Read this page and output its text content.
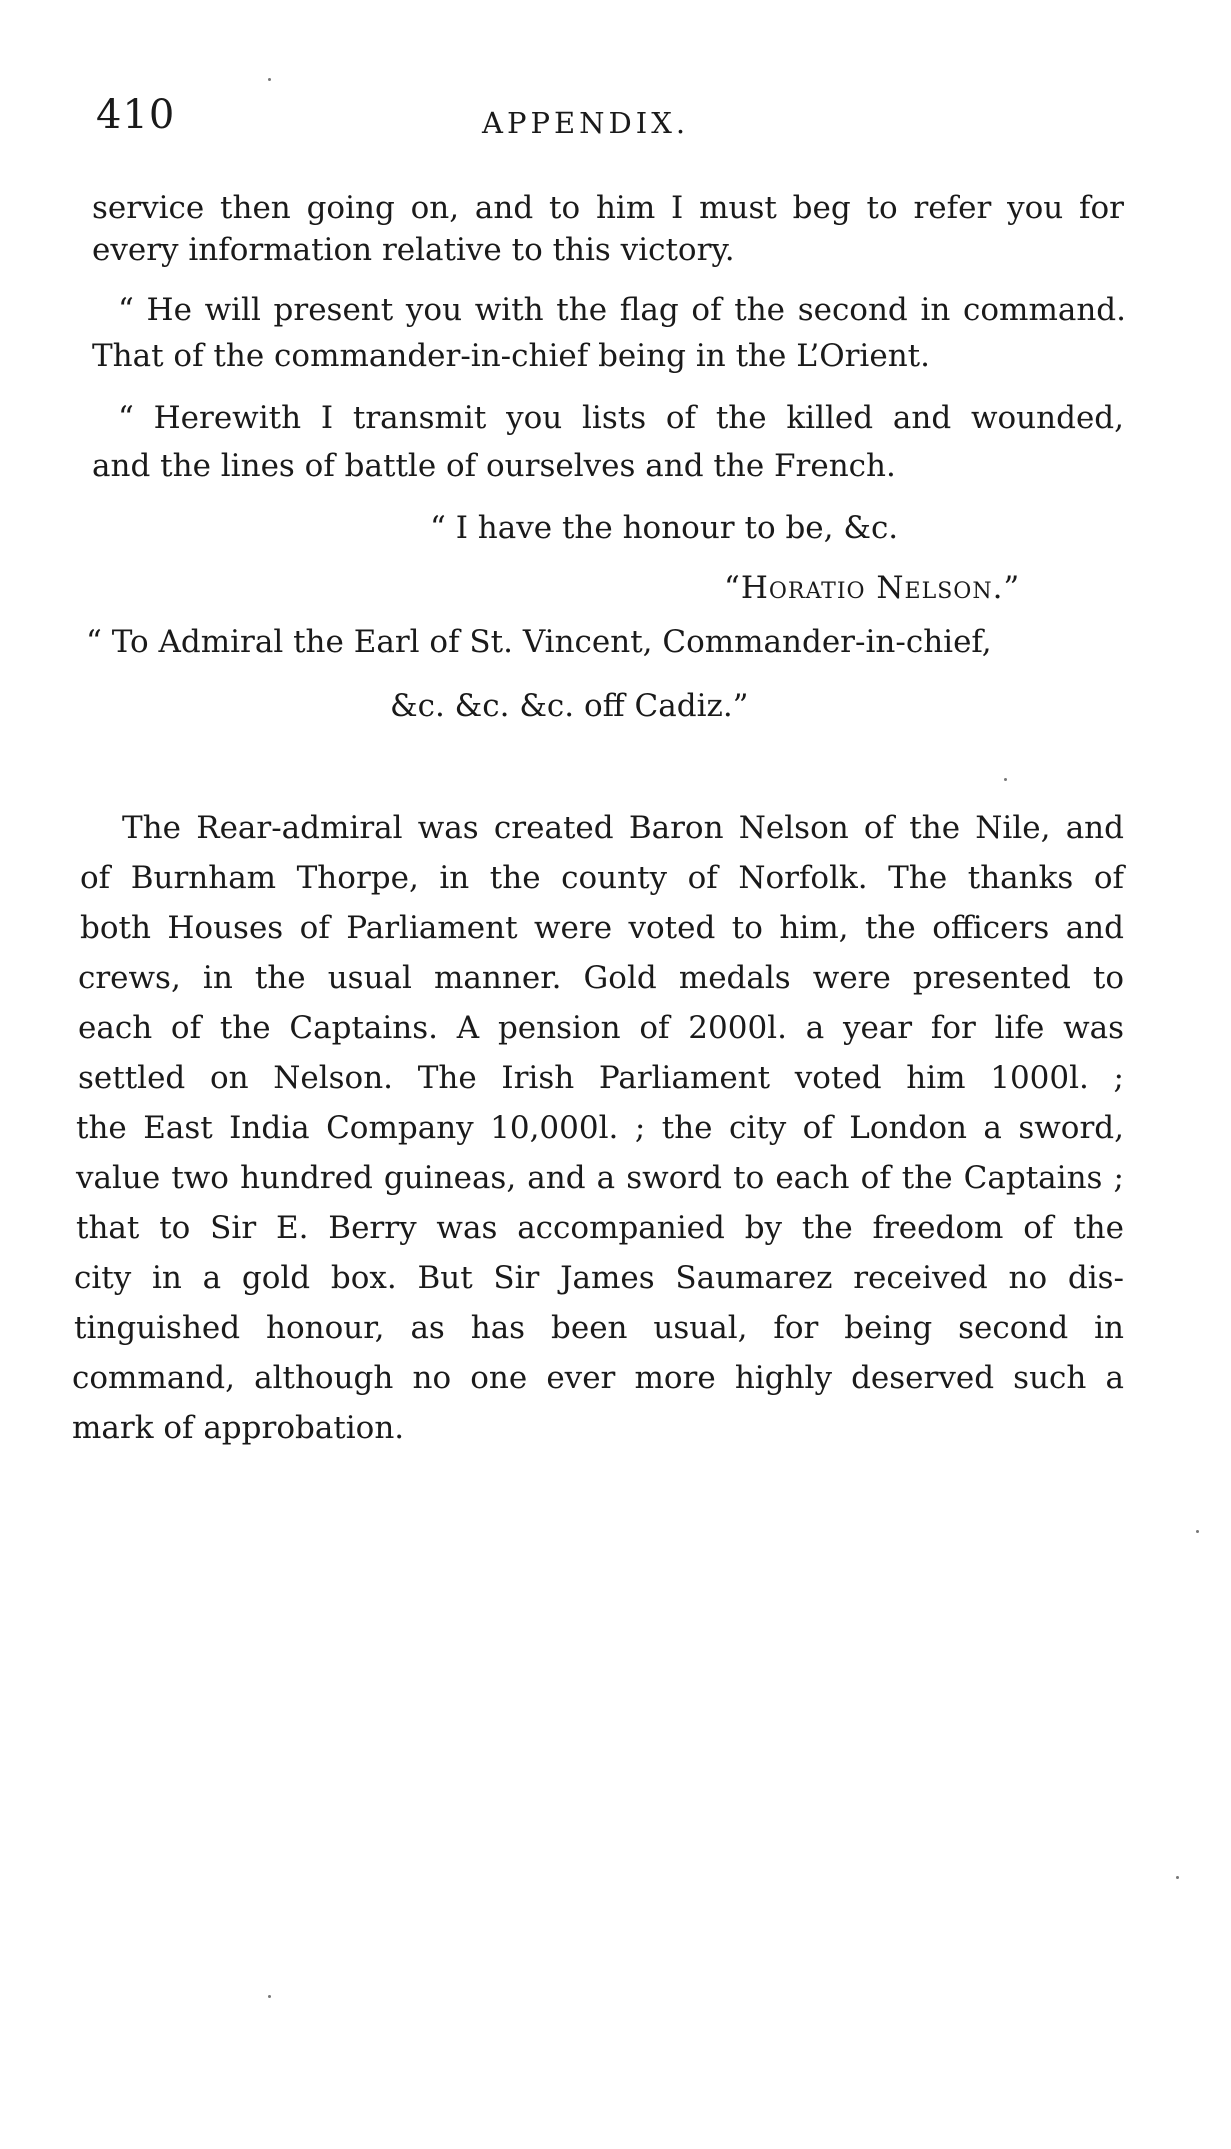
410	APPENDIX.
service then going on, and to him I must beg to refer you for
every information relative to this victory.
“ He will present you with the flag of the second in command.
That of the commander-in-chief being in the L’Orient.
“ Herewith I transmit you lists of the killed and wounded,
and the lines of battle of ourselves and the French.
“ I have the honour to be, &c.
“Horatio Nelson.”
“ To Admiral the Earl of St. Vincent, Commander-in-chief,
&c. &c. &c. off Cadiz.”
The Rear-admiral was created Baron Nelson of the Nile, and
of Burnham Thorpe, in the county of Norfolk. The thanks of
both Houses of Parliament were voted to him, the officers and
crews, in the usual manner. Gold medals were presented to
each of the Captains. A pension of 2000l. a year for life was
settled on Nelson. The Irish Parliament voted him 1000l. ;
the East India Company 10,000l. ; the city of London a sword,
value two hundred guineas, and a sword to each of the Captains ;
that to Sir E. Berry was accompanied by the freedom of the
city in a gold box. But Sir James Saumarez received no dis-
tinguished honour, as has been usual, for being second in
command, although no one ever more highly deserved such a
mark of approbation.
